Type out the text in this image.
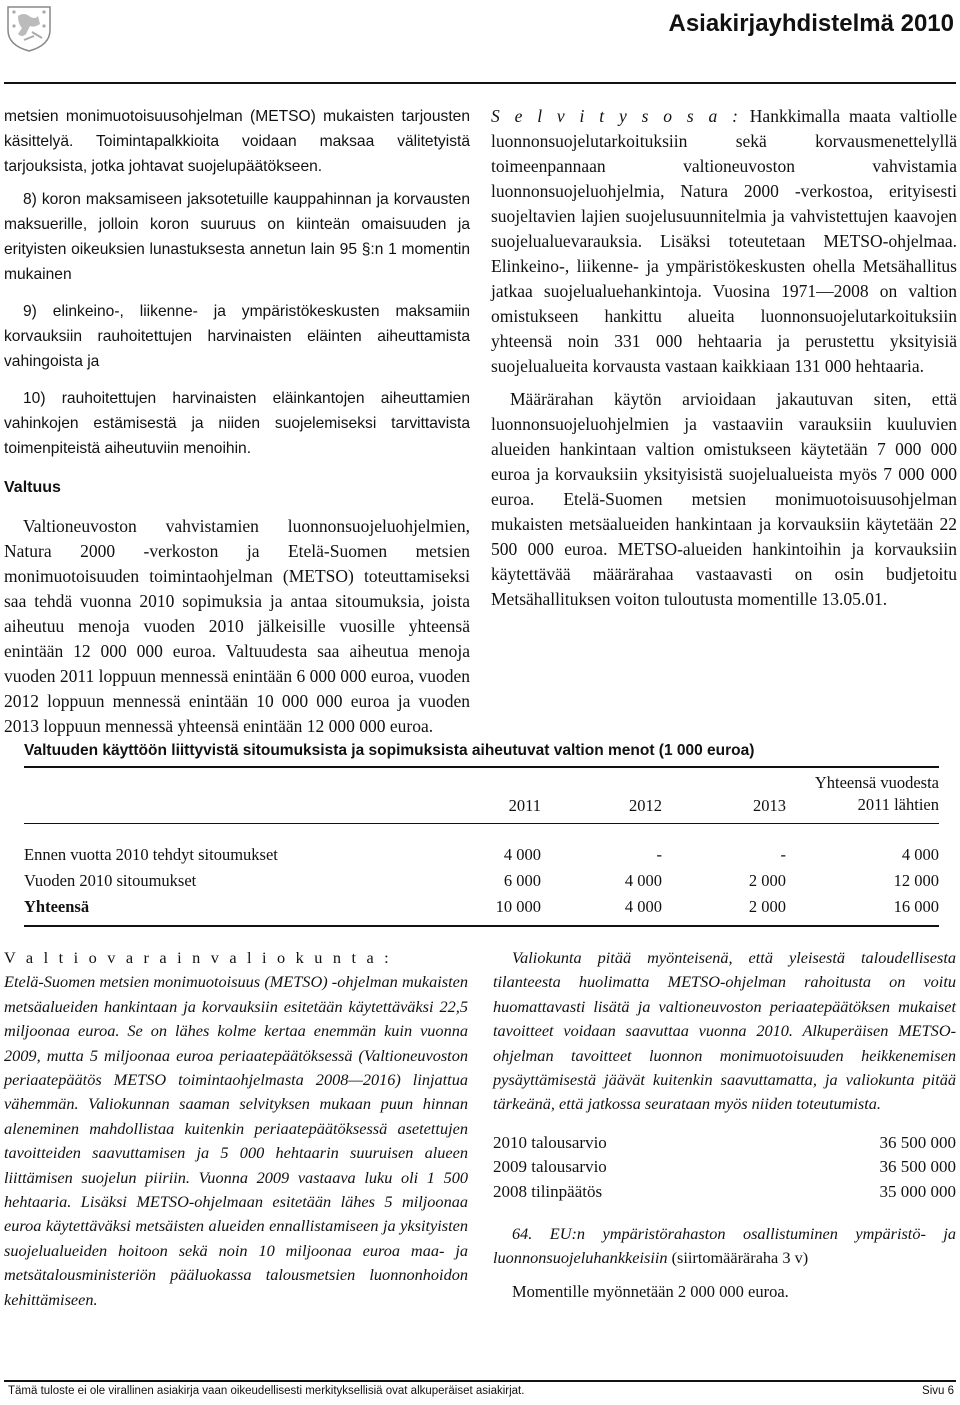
Asiakirjayhdistelmä 2010

metsien monimuotoisuusohjelman (METSO) mukaisten tarjousten käsittelyä. Toimintapalkkioita voidaan maksaa välitetyistä tarjouksista, jotka johtavat suojelupäätökseen.

8) koron maksamiseen jaksotetuille kauppahinnan ja korvausten maksuerille, jolloin koron suuruus on kiinteän omaisuuden ja erityisten oikeuksien lunastuksesta annetun lain 95 §:n 1 momentin mukainen

9) elinkeino-, liikenne- ja ympäristökeskusten maksamiin korvauksiin rauhoitettujen harvinaisten eläinten aiheuttamista vahingoista ja

10) rauhoitettujen harvinaisten eläinkantojen aiheuttamien vahinkojen estämisestä ja niiden suojelemiseksi tarvittavista toimenpiteistä aiheutuviin menoihin.

Valtuus

Valtioneuvoston vahvistamien luonnonsuojeluohjelmien, Natura 2000 -verkoston ja Etelä-Suomen metsien monimuotoisuuden toimintaohjelman (METSO) toteuttamiseksi saa tehdä vuonna 2010 sopimuksia ja antaa sitoumuksia, joista aiheutuu menoja vuoden 2010 jälkeisille vuosille yhteensä enintään 12 000 000 euroa. Valtuudesta saa aiheutua menoja vuoden 2011 loppuun mennessä enintään 6 000 000 euroa, vuoden 2012 loppuun mennessä enintään 10 000 000 euroa ja vuoden 2013 loppuun mennessä yhteensä enintään 12 000 000 euroa.

S e l v i t y s o s a : Hankkimalla maata valtiolle luonnonsuojelutarkoituksiin sekä korvausmenettelyllä toimeenpannaan valtioneuvoston vahvistamia luonnonsuojeluohjelmia, Natura 2000 -verkostoa, erityisesti suojeltavien lajien suojelusuunnitelmia ja vahvistettujen kaavojen suojelualuevarauksia. Lisäksi toteutetaan METSO-ohjelmaa. Elinkeino-, liikenne- ja ympäristökeskusten ohella Metsähallitus jatkaa suojelualuehankintoja. Vuosina 1971—2008 on valtion omistukseen hankittu alueita luonnonsuojelutarkoituksiin yhteensä noin 331 000 hehtaaria ja perustettu yksityisiä suojelualueita korvausta vastaan kaikkiaan 131 000 hehtaaria.

Määrärahan käytön arvioidaan jakautuvan siten, että luonnonsuojeluohjelmien ja vastaaviin varauksiin kuuluvien alueiden hankintaan valtion omistukseen käytetään 7 000 000 euroa ja korvauksiin yksityisistä suojelualueista myös 7 000 000 euroa. Etelä-Suomen metsien monimuotoisuusohjelman mukaisten metsäalueiden hankintaan ja korvauksiin käytetään 22 500 000 euroa. METSO-alueiden hankintoihin ja korvauksiin käytettävää määrärahaa vastaavasti on osin budjetoitu Metsähallituksen voiton tuloutusta momentille 13.05.01.

Valtuuden käyttöön liittyvistä sitoumuksista ja sopimuksista aiheutuvat valtion menot (1 000 euroa)
2011	2012	2013
Yhteensä vuodesta
2011 lähtien
Ennen vuotta 2010 tehdyt sitoumukset	4 000	-	-	4 000
Vuoden 2010 sitoumukset	6 000	4 000	2 000	12 000
Yhteensä	10 000	4 000	2 000	16 000
V a l t i o v a r a i n v a l i o k u n t a :
Etelä-Suomen metsien monimuotoisuus (METSO) -ohjelman mukaisten metsäalueiden hankintaan ja korvauksiin esitetään käytettäväksi 22,5 miljoonaa euroa. Se on lähes kolme kertaa enemmän kuin vuonna 2009, mutta 5 miljoonaa euroa periaatepäätöksessä (Valtioneuvoston periaatepäätös METSO toimintaohjelmasta 2008—2016) linjattua vähemmän. Valiokunnan saaman selvityksen mukaan puun hinnan aleneminen mahdollistaa kuitenkin periaatepäätöksessä asetettujen tavoitteiden saavuttamisen ja 5 000 hehtaarin suuruisen alueen liittämisen suojelun piiriin. Vuonna 2009 vastaava luku oli 1 500 hehtaaria. Lisäksi METSO-ohjelmaan esitetään lähes 5 miljoonaa euroa käytettäväksi metsäisten alueiden ennallistamiseen ja yksityisten suojelualueiden hoitoon sekä noin 10 miljoonaa euroa maa- ja metsätalousministeriön pääluokassa talousmetsien luonnonhoidon kehittämiseen.

Valiokunta pitää myönteisenä, että yleisestä taloudellisesta tilanteesta huolimatta METSO-ohjelman rahoitusta on voitu huomattavasti lisätä ja valtioneuvoston periaatepäätöksen mukaiset tavoitteet voidaan saavuttaa vuonna 2010. Alkuperäisen METSO-ohjelman tavoitteet luonnon monimuotoisuuden heikkenemisen pysäyttämisestä jäävät kuitenkin saavuttamatta, ja valiokunta pitää tärkeänä, että jatkossa seurataan myös niiden toteutumista.

2010 talousarvio	36 500 000
2009 talousarvio	36 500 000
2008 tilinpäätös	35 000 000
64. EU:n ympäristörahaston osallistuminen ympäristö- ja luonnonsuojeluhankkeisiin (siirtomääräraha 3 v)
Momentille myönnetään 2 000 000 euroa.
Tämä tuloste ei ole virallinen asiakirja vaan oikeudellisesti merkityksellisiä ovat alkuperäiset asiakirjat.	Sivu 6
